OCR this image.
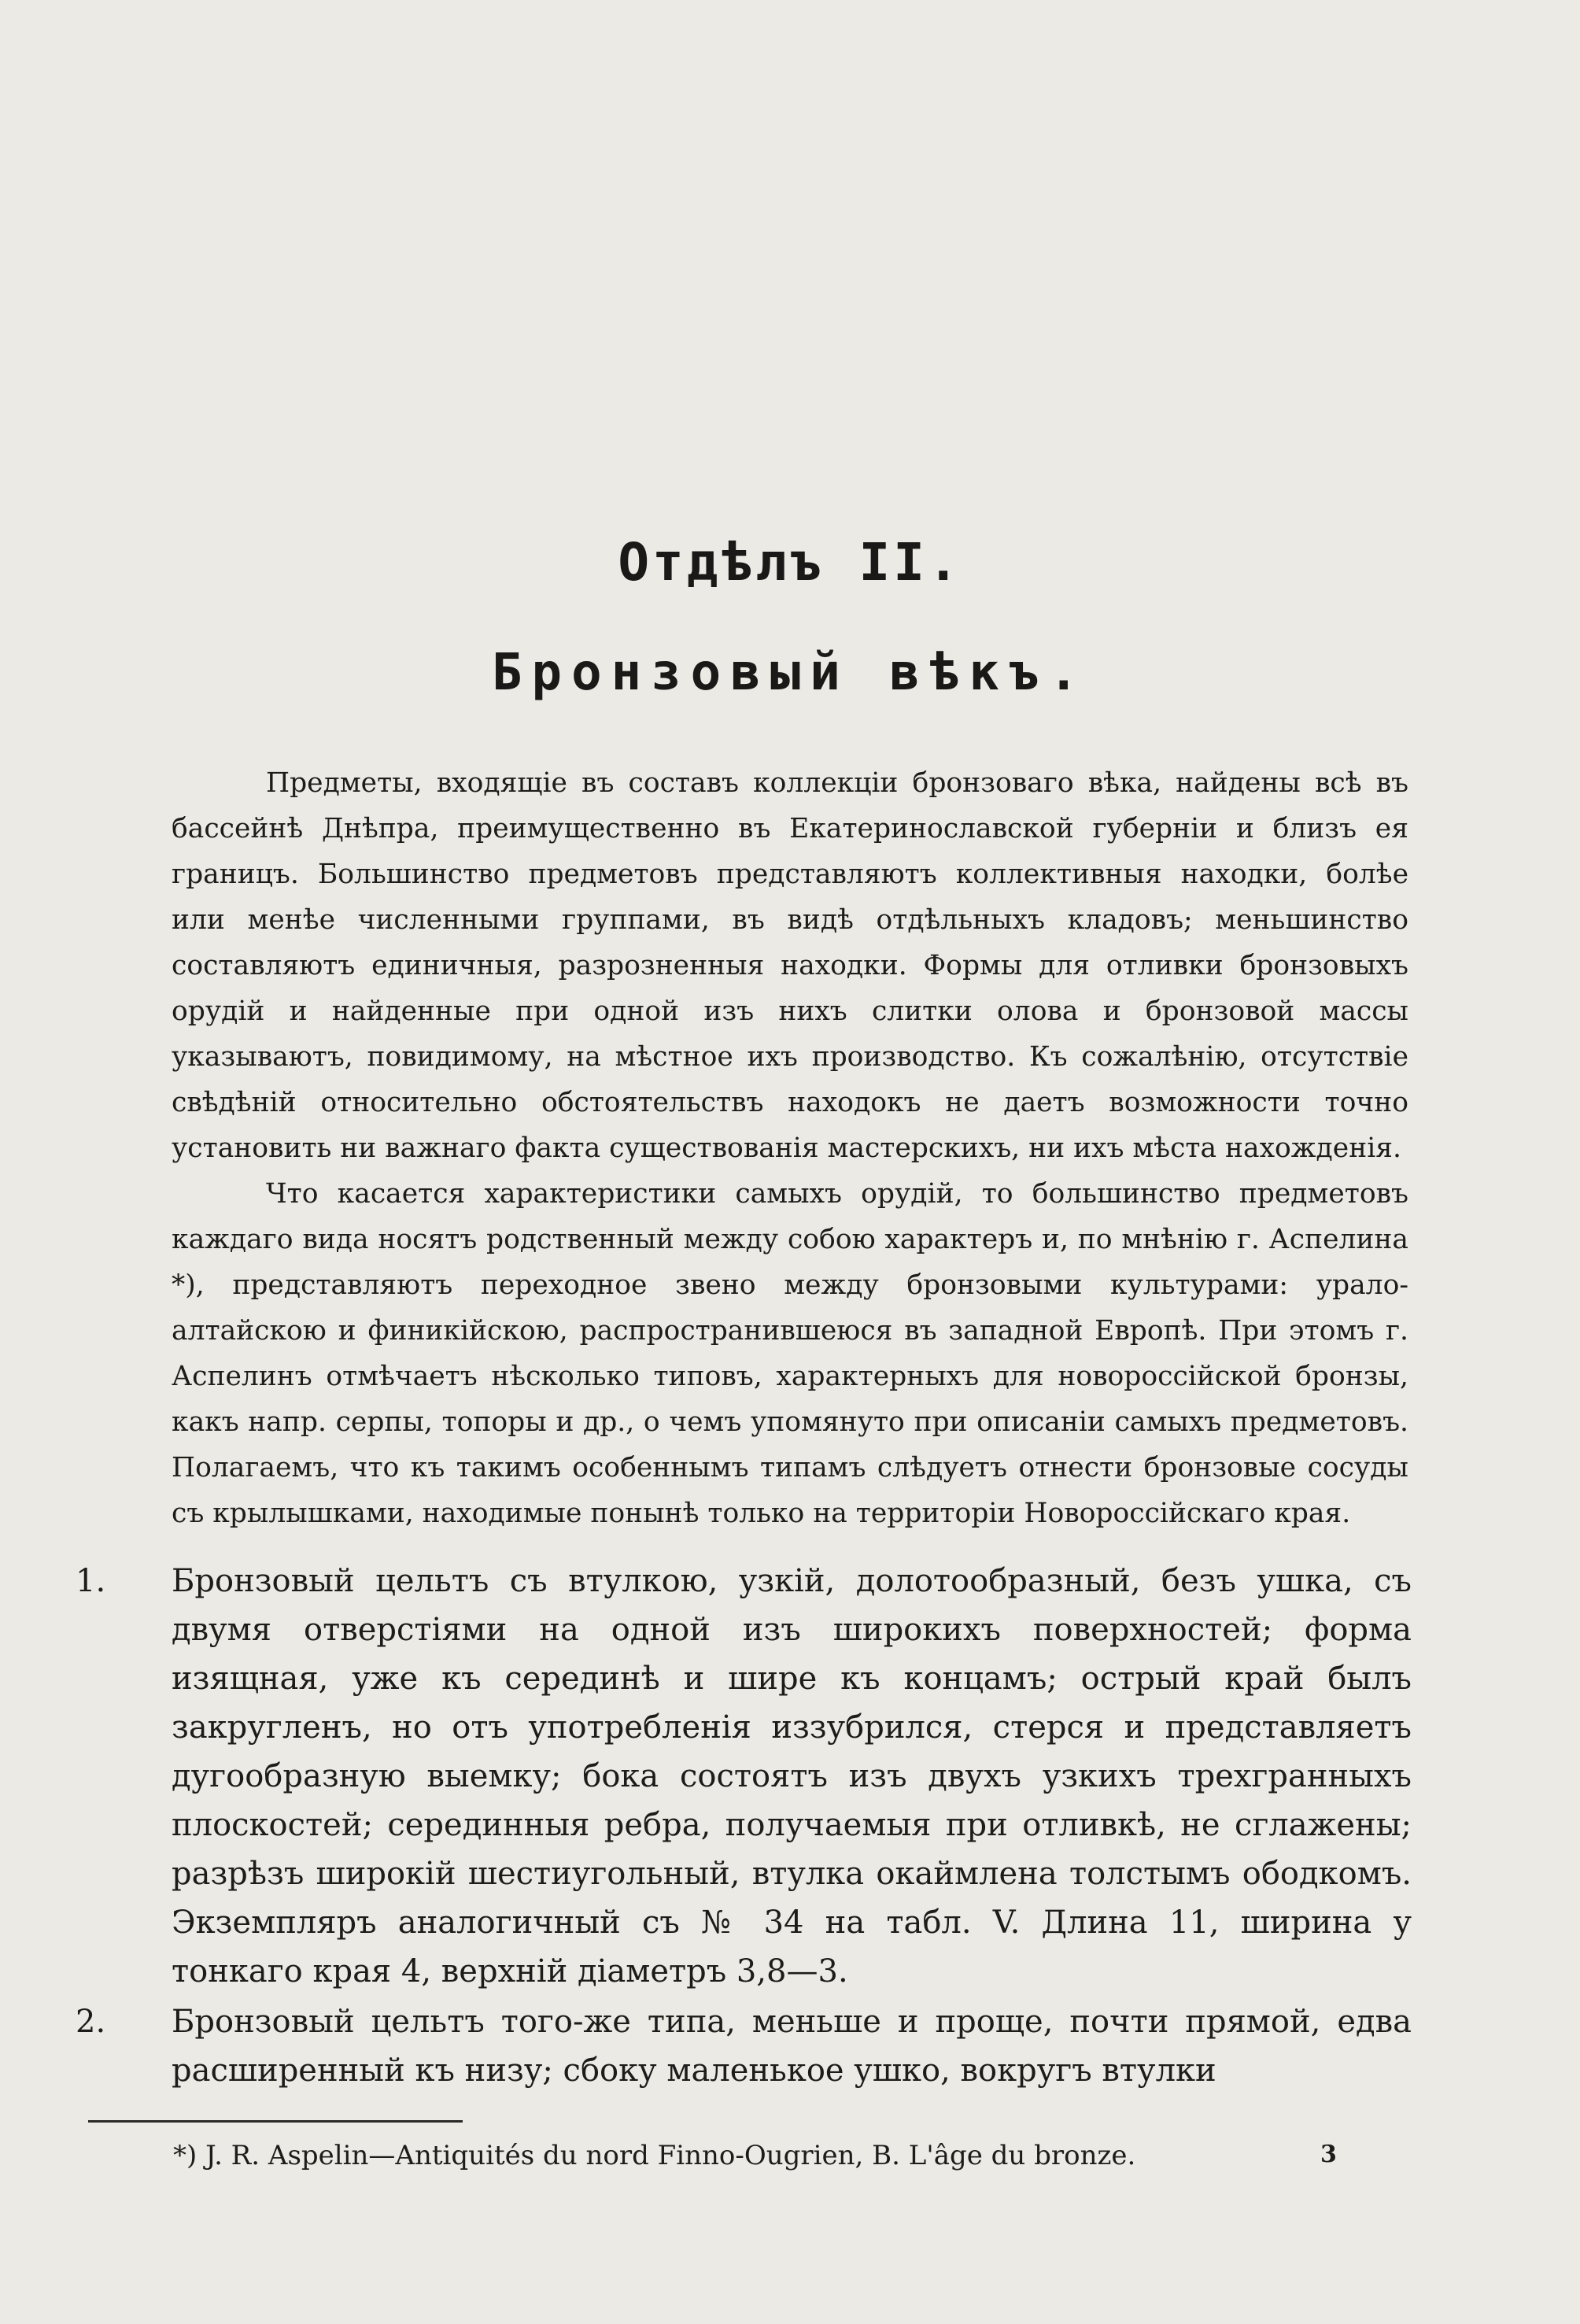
Отдѣлъ II.
Бронзовый вѣкъ.

Предметы, входящіе въ составъ коллекціи бронзоваго вѣка, найдены всѣ въ бассейнѣ Днѣпра, преимущественно въ Екатеринославской губерніи и близъ ея границъ. Большинство предметовъ представляютъ коллективныя находки, болѣе или менѣе численными группами, въ видѣ отдѣльныхъ кладовъ; меньшинство составляютъ единичныя, разрозненныя находки. Формы для отливки бронзовыхъ орудій и найденные при одной изъ нихъ слитки олова и бронзовой массы указываютъ, повидимому, на мѣстное ихъ производство. Къ сожалѣнію, отсутствіе свѣдѣній относительно обстоятельствъ находокъ не даетъ возможности точно установить ни важнаго факта существованія мастерскихъ, ни ихъ мѣста нахожденія.

Что касается характеристики самыхъ орудій, то большинство предметовъ каждаго вида носятъ родственный между собою характеръ и, по мнѣнію г. Аспелина *), представляютъ переходное звено между бронзовыми культурами: урало-алтайскою и финикійскою, распространившеюся въ западной Европѣ. При этомъ г. Аспелинъ отмѣчаетъ нѣсколько типовъ, характерныхъ для новороссійской бронзы, какъ напр. серпы, топоры и др., о чемъ упомянуто при описаніи самыхъ предметовъ. Полагаемъ, что къ такимъ особеннымъ типамъ слѣдуетъ отнести бронзовые сосуды съ крылышками, находимые понынѣ только на территоріи Новороссійскаго края.

1.	Бронзовый цельтъ съ втулкою, узкій, долотообразный, безъ ушка, съ двумя отверстіями на одной изъ широкихъ поверхностей; форма изящная, уже къ серединѣ и шире къ концамъ; острый край былъ закругленъ, но отъ употребленія иззубрился, стерся и представляетъ дугообразную выемку; бока состоятъ изъ двухъ узкихъ трехгранныхъ плоскостей; серединныя ребра, получаемыя при отливкѣ, не сглажены; разрѣзъ широкій шестиугольный, втулка окаймлена толстымъ ободкомъ. Экземпляръ аналогичный съ № 34 на табл. V. Длина 11, ширина у тонкаго края 4, верхній діаметръ 3,8—3.
2.	Бронзовый цельтъ того-же типа, меньше и проще, почти прямой, едва расширенный къ низу; сбоку маленькое ушко, вокругъ втулки
*) J. R. Aspelin—Antiquités du nord Finno-Ougrien, B. L'âge du bronze.	3
